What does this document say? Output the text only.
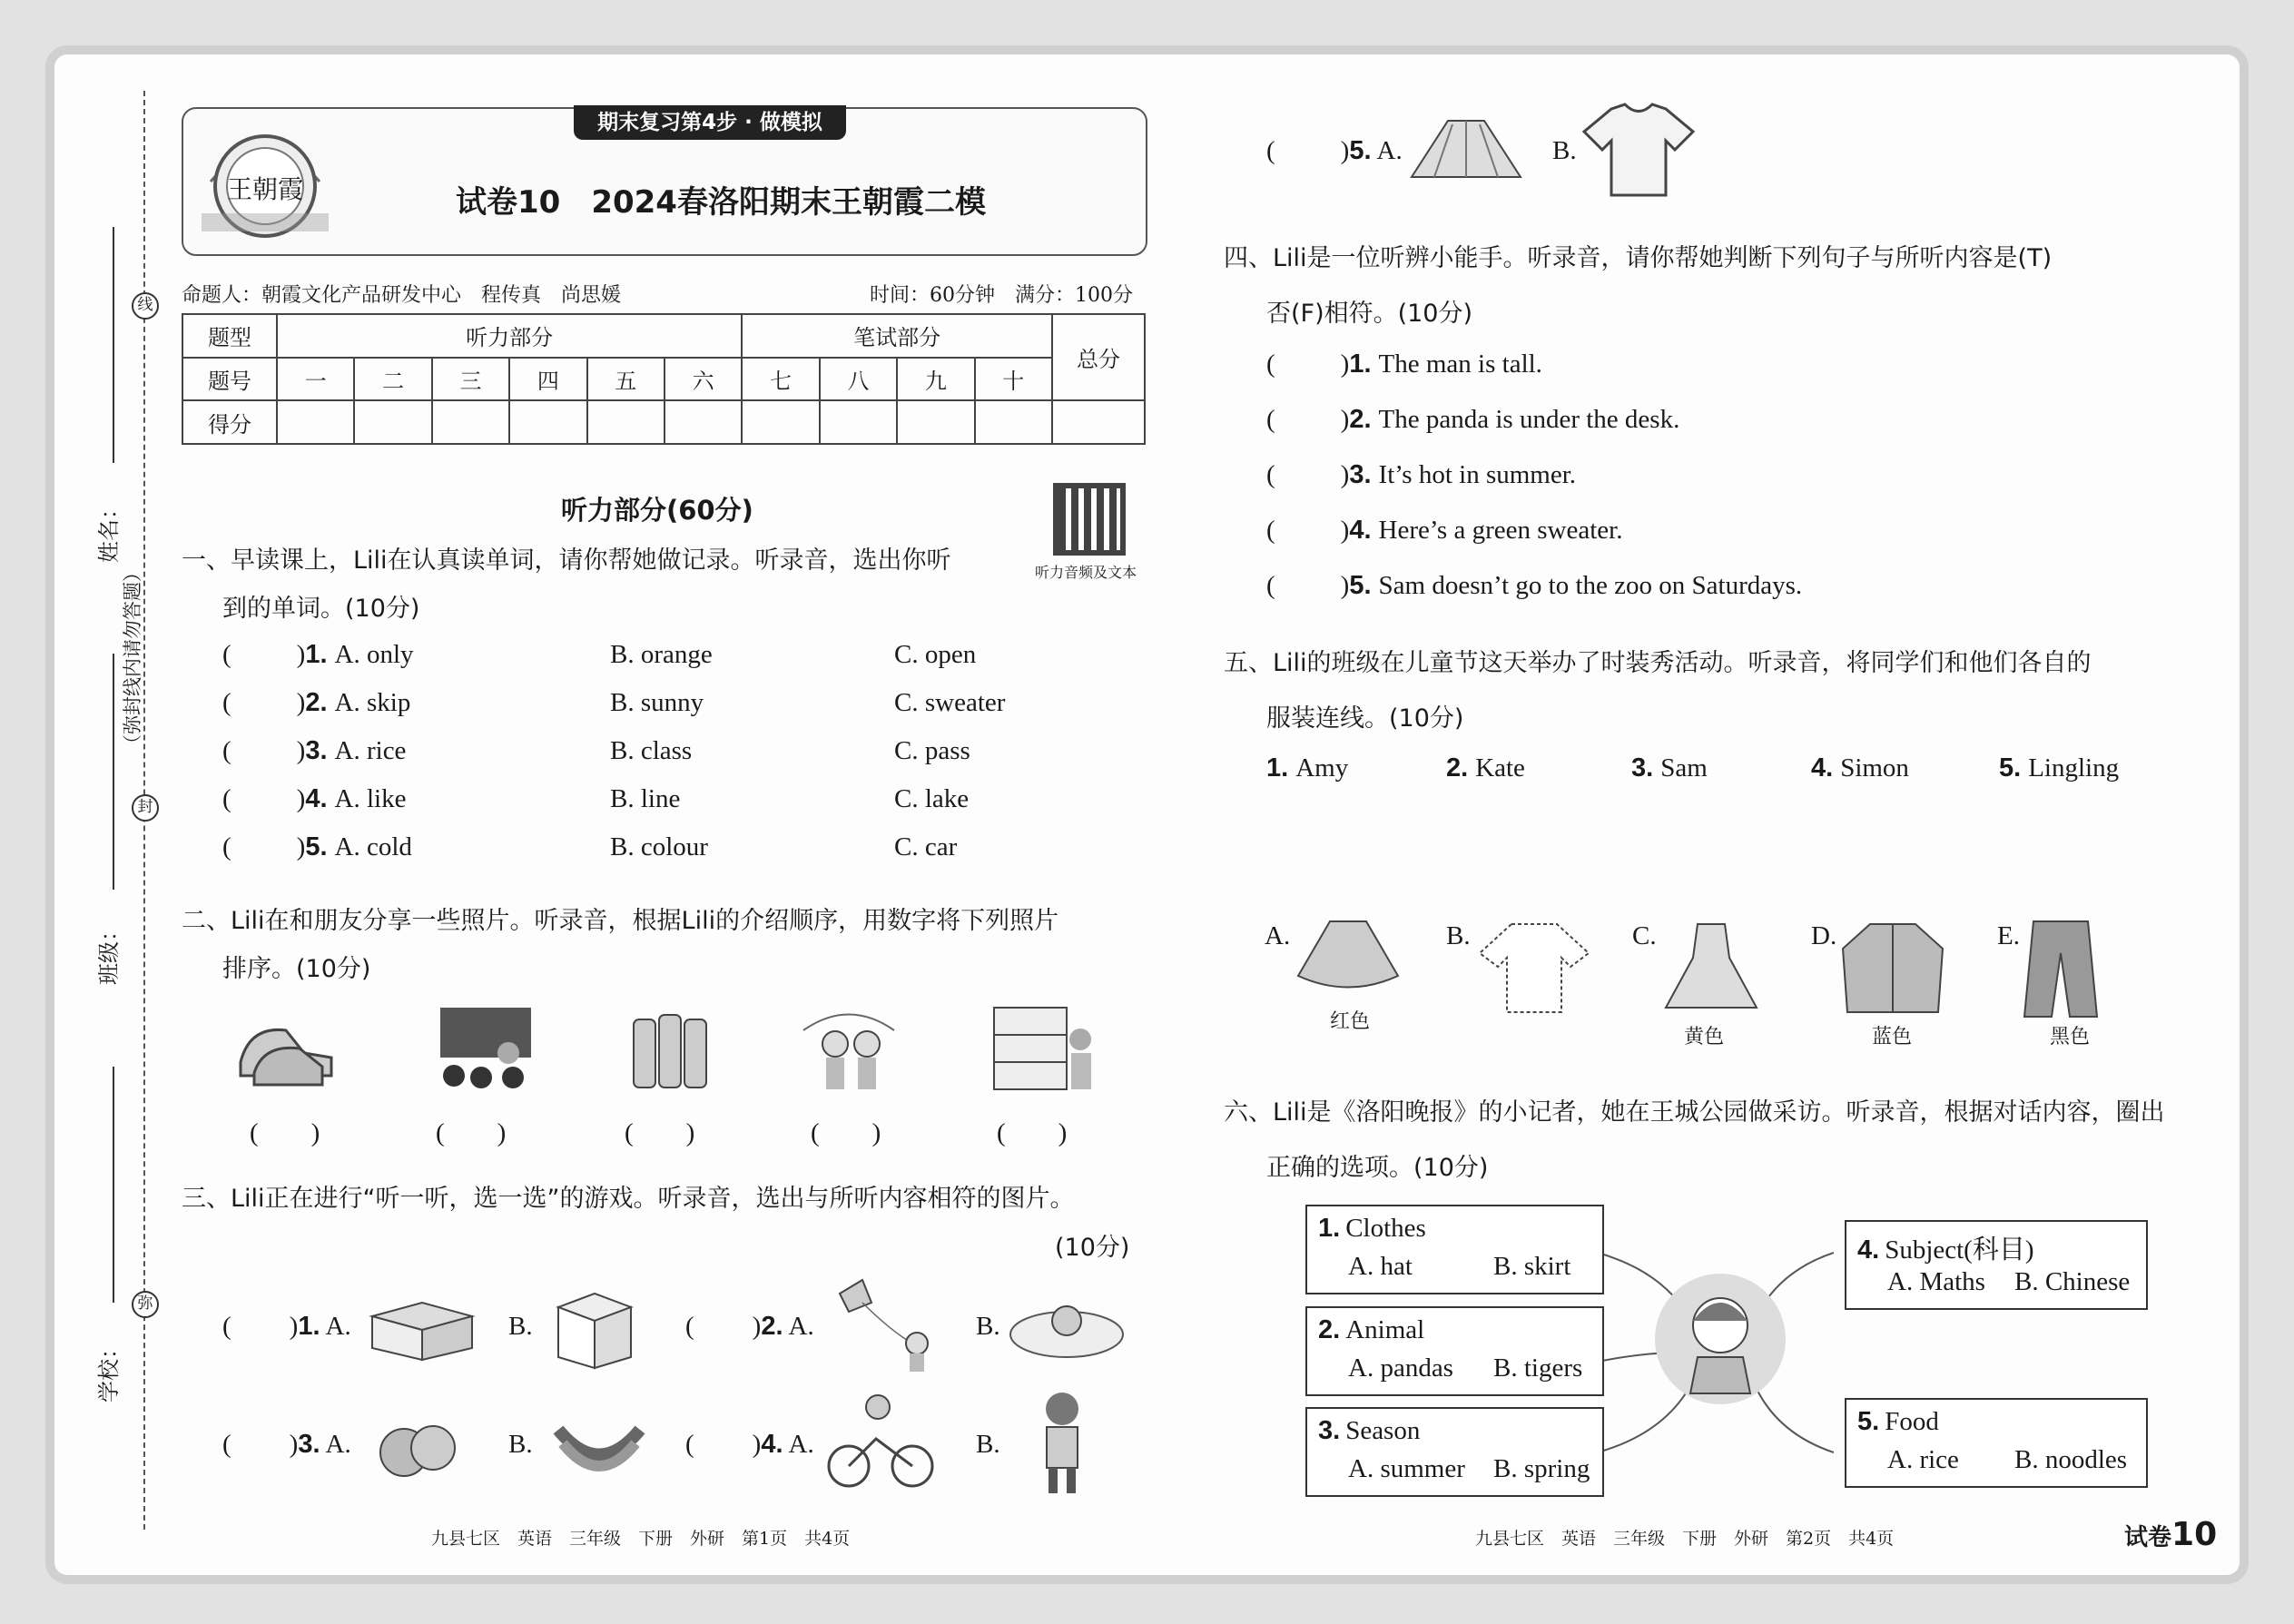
姓名：
班级：
学校：
线
封
弥
（弥封线内请勿答题）
期末复习第4步 · 做模拟
王朝霞	试卷10　2024春洛阳期末王朝霞二模
命题人：朝霞文化产品研发中心　程传真　尚思媛	时间：60分钟　满分：100分
题型	听力部分						笔试部分				总分
题号	一	二	三	四	五	六	七	八	九	十	
得分											
听力部分(60分)
听力音频及文本
一、早读课上，Lili在认真读单词，请你帮她做记录。听录音，选出你听
到的单词。(10分)
( )1. A. only	B. orange	C. open
( )2. A. skip	B. sunny	C. sweater
( )3. A. rice	B. class	C. pass
( )4. A. like	B. line	C. lake
( )5. A. cold	B. colour	C. car
二、Lili在和朋友分享一些照片。听录音，根据Lili的介绍顺序，用数字将下列照片
排序。(10分)
(　　)	(　　)	(　　)	(　　)	(　　)
三、Lili正在进行“听一听，选一选”的游戏。听录音，选出与所听内容相符的图片。
(10分)
( )1. A.	B.	( )2. A.	B.
( )3. A.	B.	( )4. A.	B.
( )5. A.	B.
四、Lili是一位听辨小能手。听录音，请你帮她判断下列句子与所听内容是(T)
否(F)相符。(10分)
( )1. The man is tall.
( )2. The panda is under the desk.
( )3. It’s hot in summer.
( )4. Here’s a green sweater.
( )5. Sam doesn’t go to the zoo on Saturdays.
五、Lili的班级在儿童节这天举办了时装秀活动。听录音，将同学们和他们各自的
服装连线。(10分)
1. Amy	2. Kate	3. Sam	4. Simon	5. Lingling
A.
红色
B.	C.
黄色
D.
蓝色
E.
黑色
六、Lili是《洛阳晚报》的小记者，她在王城公园做采访。听录音，根据对话内容，圈出
正确的选项。(10分)
1. Clothes
A. hat	B. skirt
2. Animal
A. pandas B. tigers
3. Season
A. summer B. spring
4. Subject(科目)
A. Maths B. Chinese
5. Food
A. rice B. noodles
九县七区　英语　三年级　下册　外研　第1页　共4页	九县七区　英语　三年级　下册　外研　第2页　共4页	试卷10
